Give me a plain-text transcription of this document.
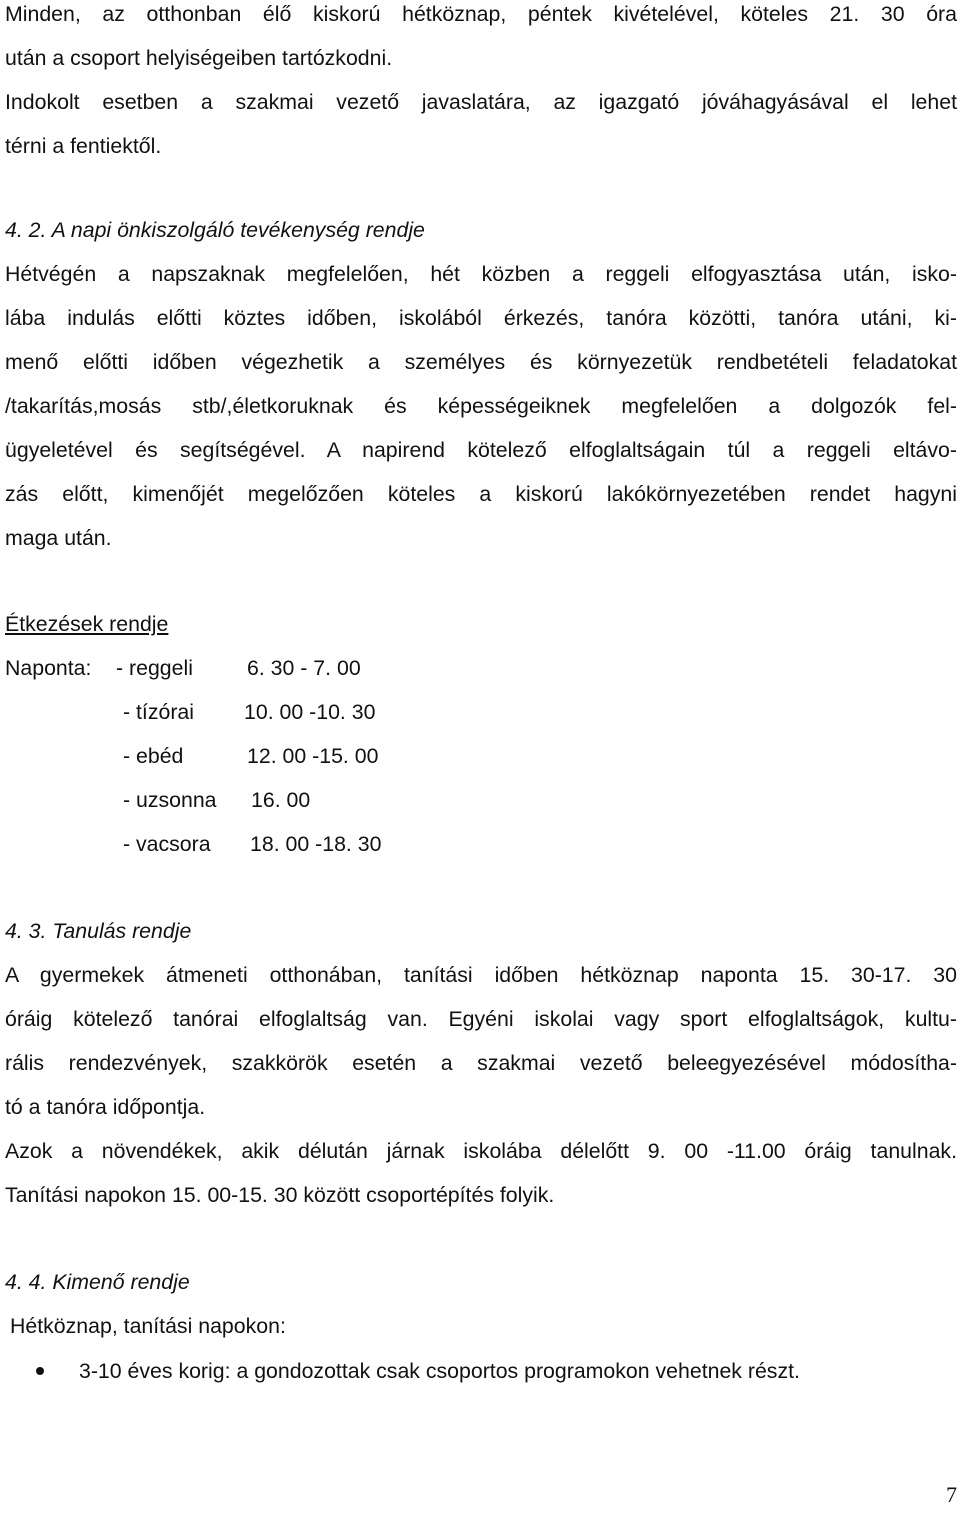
Minden, az otthonban élő kiskorú hétköznap, péntek kivételével, köteles 21. 30 óra
után a csoport helyiségeiben tartózkodni.
Indokolt esetben a szakmai vezető javaslatára, az igazgató jóváhagyásával el lehet
térni a fentiektől.
4. 2. A napi önkiszolgáló tevékenység rendje
Hétvégén a napszaknak megfelelően, hét közben a reggeli elfogyasztása után, isko-
lába indulás előtti köztes időben, iskolából érkezés, tanóra közötti, tanóra utáni, ki-
menő előtti időben végezhetik a személyes és környezetük rendbetételi feladatokat
/takarítás,mosás stb/,életkoruknak és képességeiknek megfelelően a dolgozók fel-
ügyeletével és segítségével. A napirend kötelező elfoglaltságain túl a reggeli eltávo-
zás előtt, kimenőjét megelőzően köteles a kiskorú lakókörnyezetében rendet hagyni
maga után.
Étkezések rendje
Naponta: - reggeli	6. 30 - 7. 00
- tízórai 10. 00 -10. 30
- ebéd	12. 00 -15. 00
- uzsonna 16. 00
- vacsora 18. 00 -18. 30
4. 3. Tanulás rendje
A gyermekek átmeneti otthonában, tanítási időben hétköznap naponta 15. 30-17. 30
óráig kötelező tanórai elfoglaltság van. Egyéni iskolai vagy sport elfoglaltságok, kultu-
rális rendezvények, szakkörök esetén a szakmai vezető beleegyezésével módosítha-
tó a tanóra időpontja.
Azok a növendékek, akik délután járnak iskolába délelőtt 9. 00 -11.00 óráig tanulnak.
Tanítási napokon 15. 00-15. 30 között csoportépítés folyik.
4. 4. Kimenő rendje
Hétköznap, tanítási napokon:
3-10 éves korig: a gondozottak csak csoportos programokon vehetnek részt.
7
